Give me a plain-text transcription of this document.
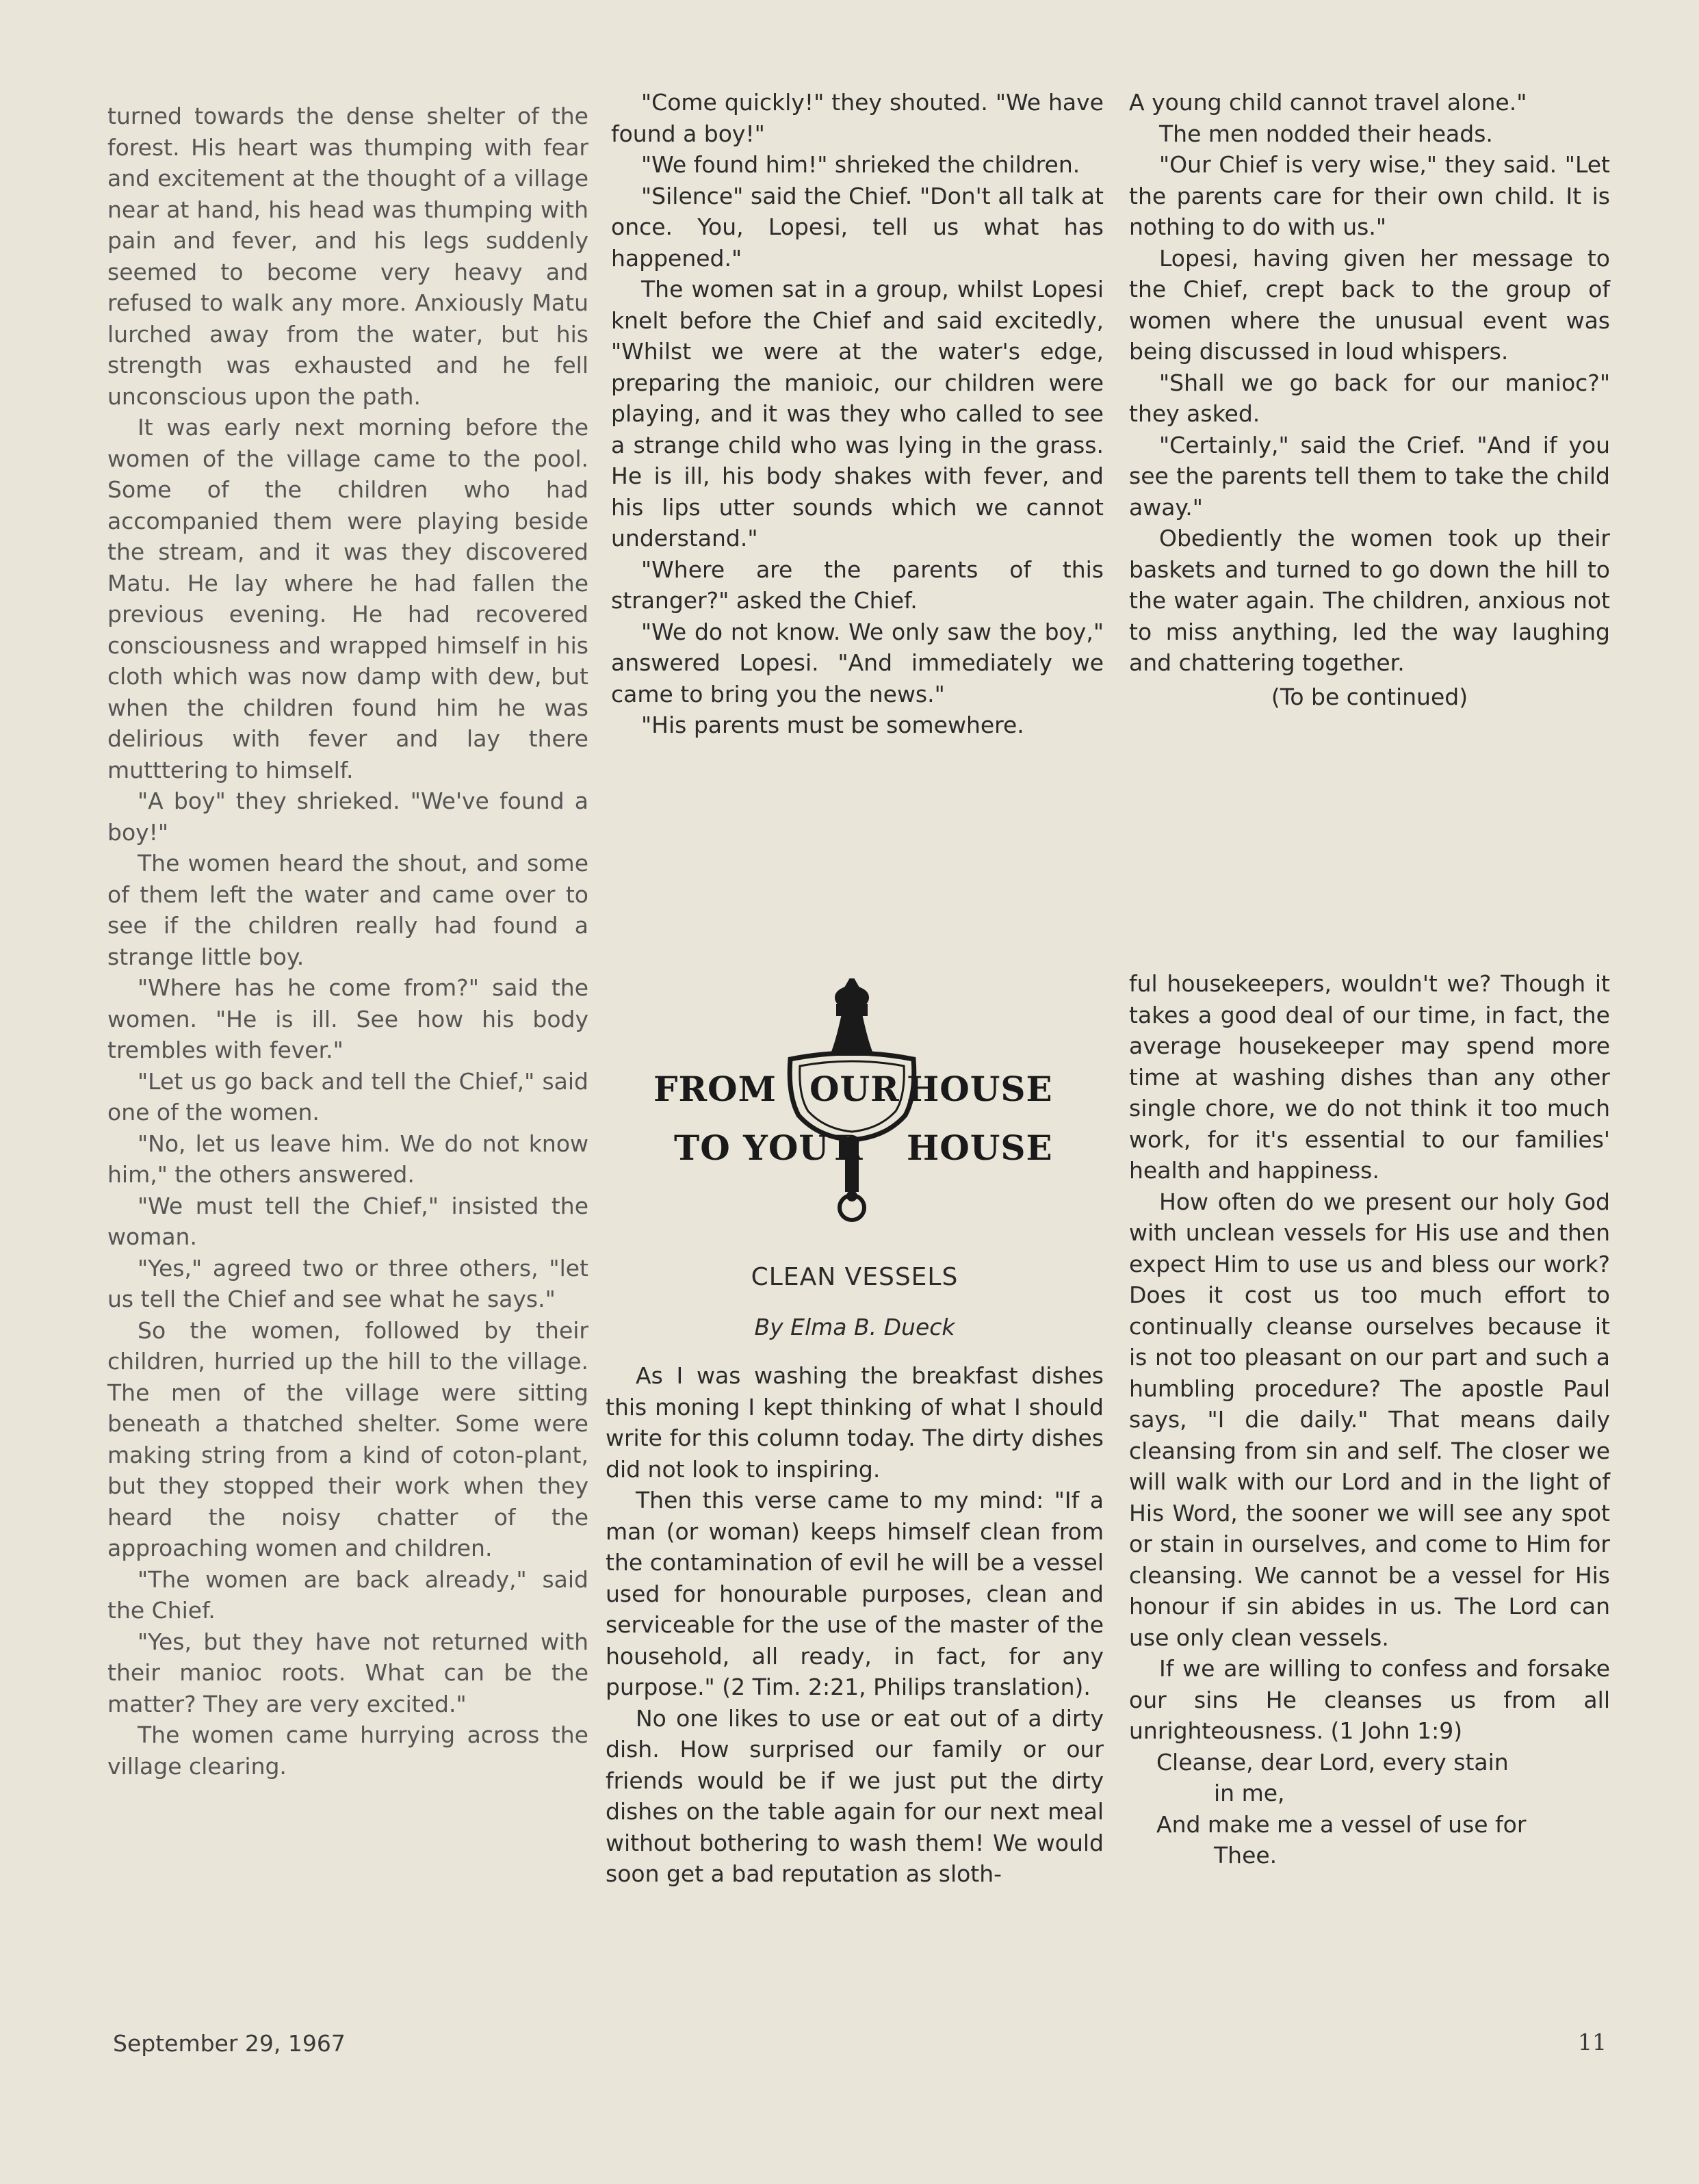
turned towards the dense shelter of the forest. His heart was thumping with fear and excitement at the thought of a village near at hand, his head was thumping with pain and fever, and his legs suddenly seemed to become very heavy and refused to walk any more. Anxiously Matu lurched away from the water, but his strength was exhausted and he fell unconscious upon the path.

It was early next morning before the women of the village came to the pool. Some of the children who had accompanied them were playing beside the stream, and it was they discovered Matu. He lay where he had fallen the previous evening. He had recovered consciousness and wrapped himself in his cloth which was now damp with dew, but when the children found him he was delirious with fever and lay there mutttering to himself.

"A boy" they shrieked. "We've found a boy!"

The women heard the shout, and some of them left the water and came over to see if the children really had found a strange little boy.

"Where has he come from?" said the women. "He is ill. See how his body trembles with fever."

"Let us go back and tell the Chief," said one of the women.

"No, let us leave him. We do not know him," the others answered.

"We must tell the Chief," insisted the woman.

"Yes," agreed two or three others, "let us tell the Chief and see what he says."

So the women, followed by their children, hurried up the hill to the village. The men of the village were sitting beneath a thatched shelter. Some were making string from a kind of coton-plant, but they stopped their work when they heard the noisy chatter of the approaching women and children.

"The women are back already," said the Chief.

"Yes, but they have not returned with their manioc roots. What can be the matter? They are very excited."

The women came hurrying across the village clearing.

"Come quickly!" they shouted. "We have found a boy!"

"We found him!" shrieked the children.

"Silence" said the Chief. "Don't all talk at once. You, Lopesi, tell us what has happened."

The women sat in a group, whilst Lopesi knelt before the Chief and said excitedly, "Whilst we were at the water's edge, preparing the manioic, our children were playing, and it was they who called to see a strange child who was lying in the grass. He is ill, his body shakes with fever, and his lips utter sounds which we cannot understand."

"Where are the parents of this stranger?" asked the Chief.

"We do not know. We only saw the boy," answered Lopesi. "And immediately we came to bring you the news."

"His parents must be somewhere.

A young child cannot travel alone."

The men nodded their heads.

"Our Chief is very wise," they said. "Let the parents care for their own child. It is nothing to do with us."

Lopesi, having given her message to the Chief, crept back to the group of women where the unusual event was being discussed in loud whispers.

"Shall we go back for our manioc?" they asked.

"Certainly," said the Crief. "And if you see the parents tell them to take the child away."

Obediently the women took up their baskets and turned to go down the hill to the water again. The children, anxious not to miss anything, led the way laughing and chattering together.

(To be continued)

FROM OUR HOUSE
TO YOU R HOUSE
CLEAN VESSELS
By Elma B. Dueck

As I was washing the breakfast dishes this moning I kept thinking of what I should write for this column today. The dirty dishes did not look to inspiring.

Then this verse came to my mind: "If a man (or woman) keeps himself clean from the contamination of evil he will be a vessel used for honourable purposes, clean and serviceable for the use of the master of the household, all ready, in fact, for any purpose." (2 Tim. 2:21, Philips translation).

No one likes to use or eat out of a dirty dish. How surprised our family or our friends would be if we just put the dirty dishes on the table again for our next meal without bothering to wash them! We would soon get a bad reputation as sloth-

ful housekeepers, wouldn't we? Though it takes a good deal of our time, in fact, the average housekeeper may spend more time at washing dishes than any other single chore, we do not think it too much work, for it's essential to our families' health and happiness.

How often do we present our holy God with unclean vessels for His use and then expect Him to use us and bless our work? Does it cost us too much effort to continually cleanse ourselves because it is not too pleasant on our part and such a humbling procedure? The apostle Paul says, "I die daily." That means daily cleansing from sin and self. The closer we will walk with our Lord and in the light of His Word, the sooner we will see any spot or stain in ourselves, and come to Him for cleansing. We cannot be a vessel for His honour if sin abides in us. The Lord can use only clean vessels.

If we are willing to confess and forsake our sins He cleanses us from all unrighteousness. (1 John 1:9)

Cleanse, dear Lord, every stain
in me,

And make me a vessel of use for
Thee.

September 29, 1967	11
